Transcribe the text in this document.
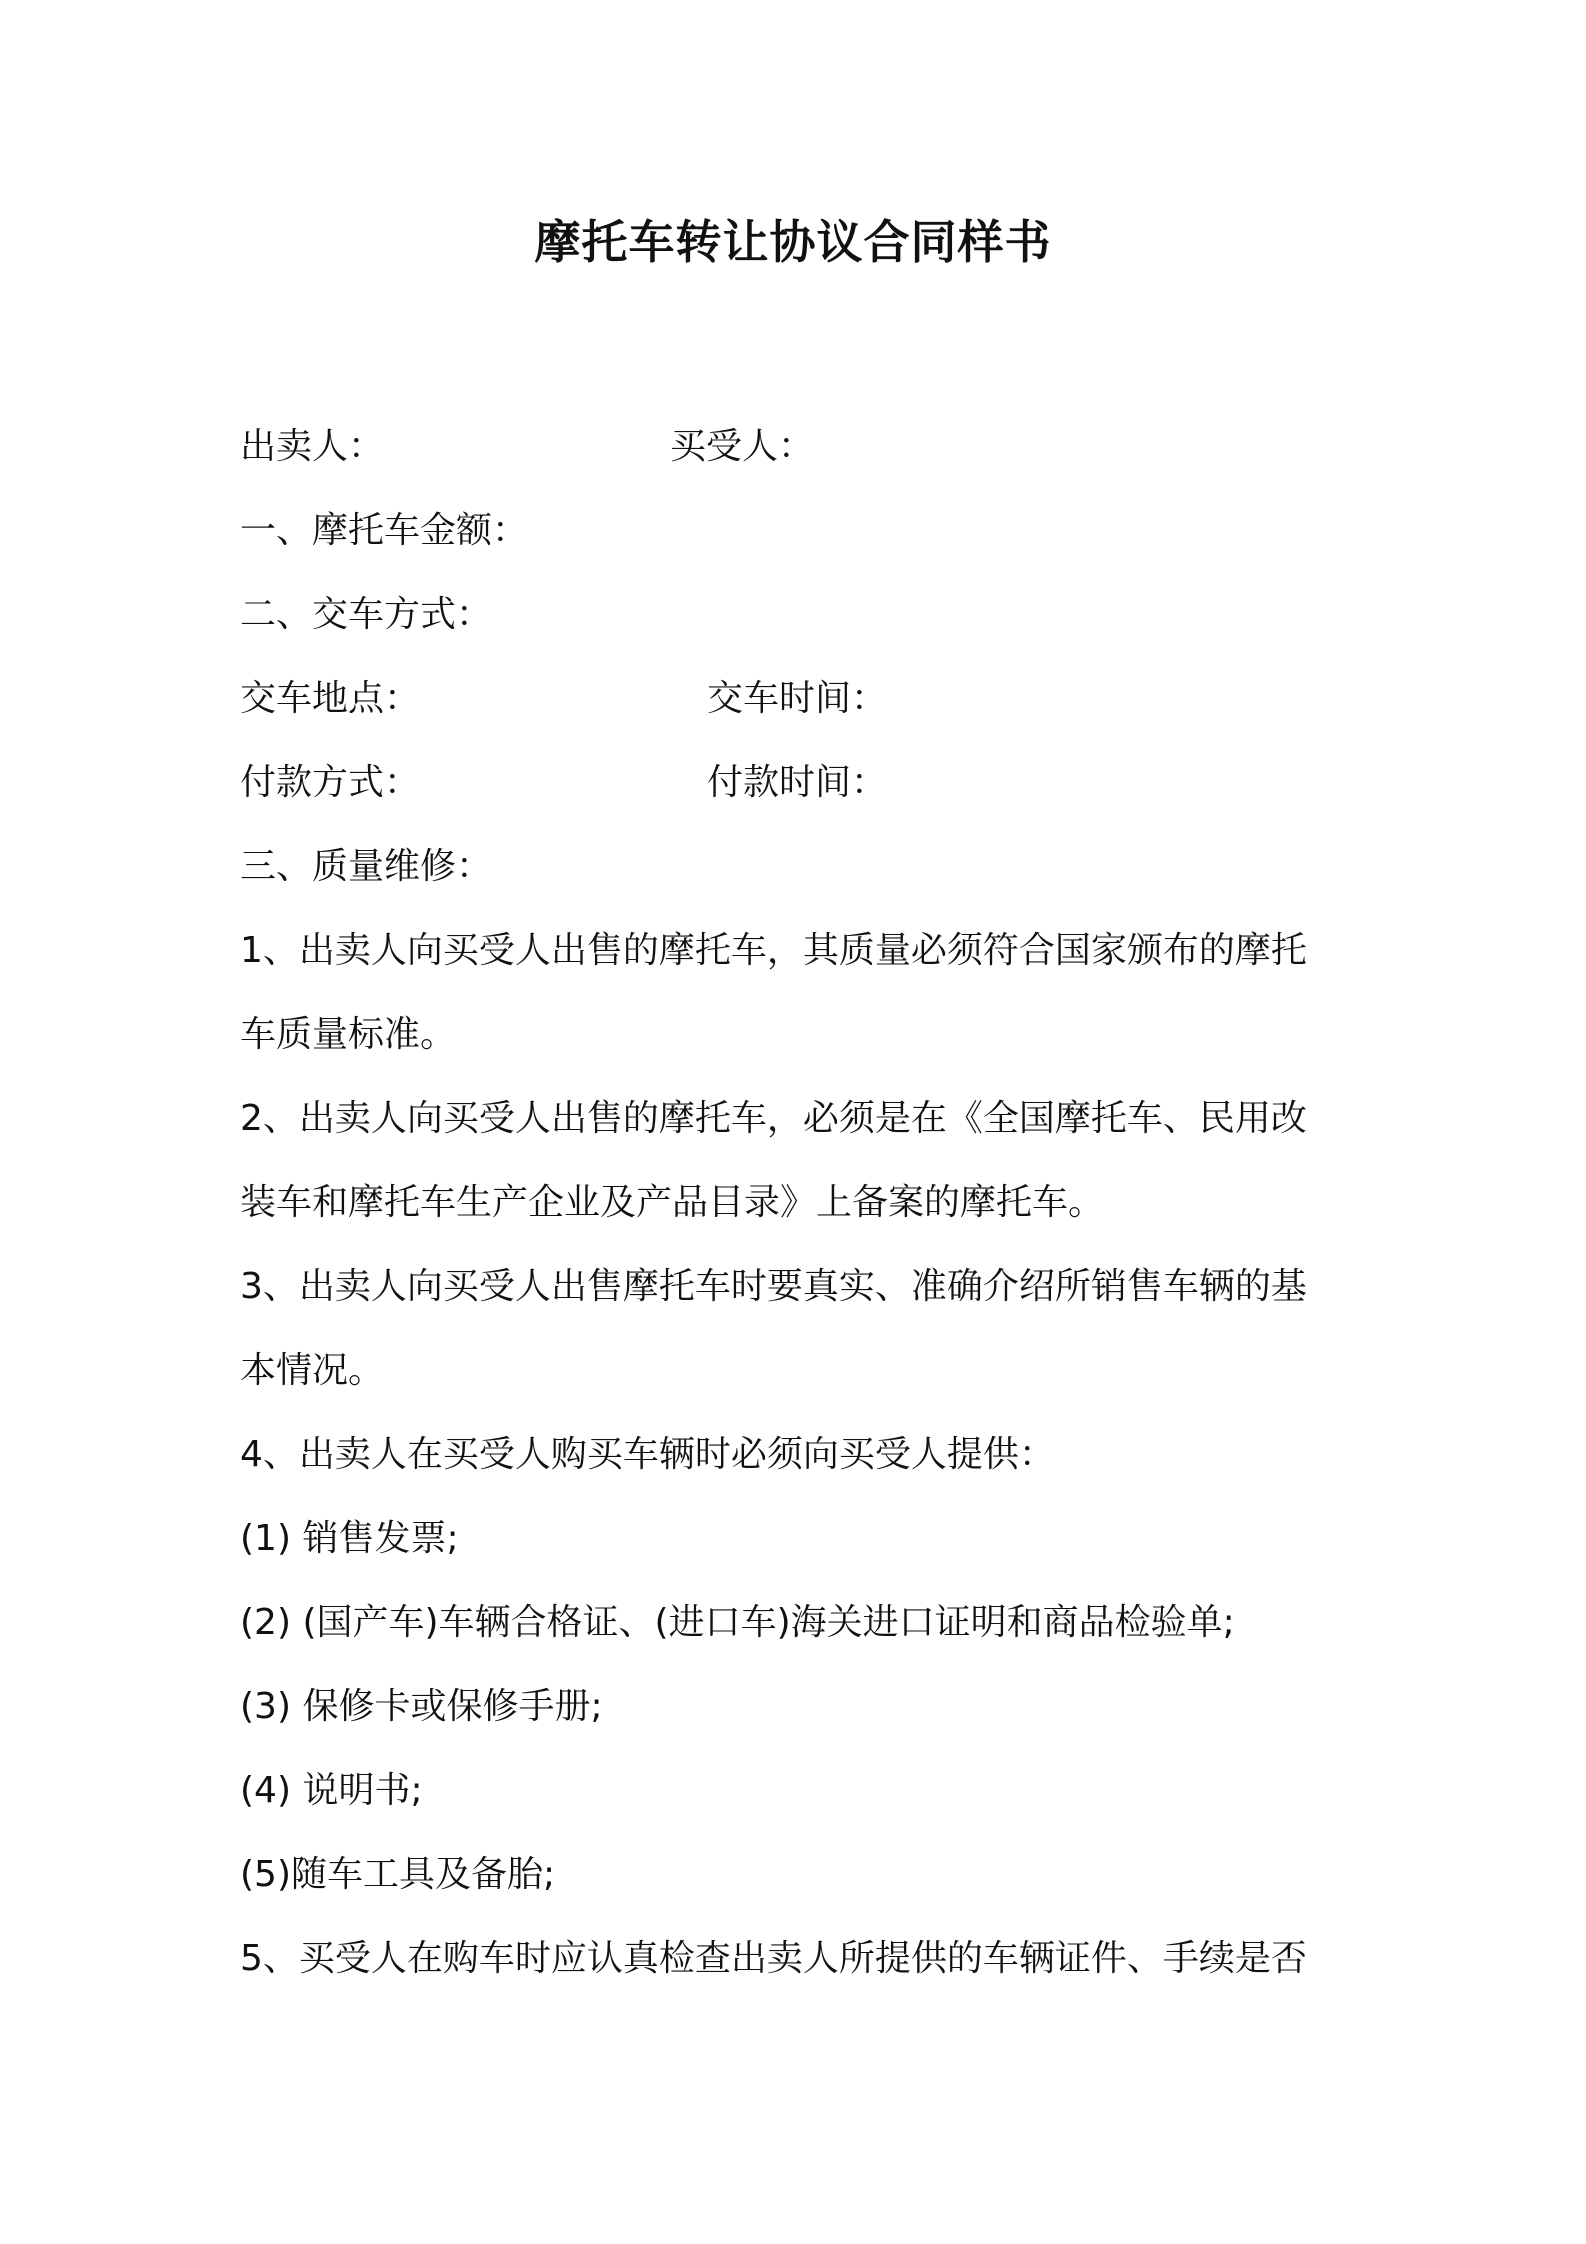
摩托车转让协议合同样书
出卖人：	买受人：
一、摩托车金额：
二、交车方式：
交车地点：	交车时间：
付款方式：	付款时间：
三、质量维修：
1、出卖人向买受人出售的摩托车，其质量必须符合国家颁布的摩托
车质量标准。
2、出卖人向买受人出售的摩托车，必须是在《全国摩托车、民用改
装车和摩托车生产企业及产品目录》上备案的摩托车。
3、出卖人向买受人出售摩托车时要真实、准确介绍所销售车辆的基
本情况。
4、出卖人在买受人购买车辆时必须向买受人提供：
(1) 销售发票;
(2) (国产车)车辆合格证、(进口车)海关进口证明和商品检验单;
(3) 保修卡或保修手册;
(4) 说明书;
(5)随车工具及备胎;
5、买受人在购车时应认真检查出卖人所提供的车辆证件、手续是否
